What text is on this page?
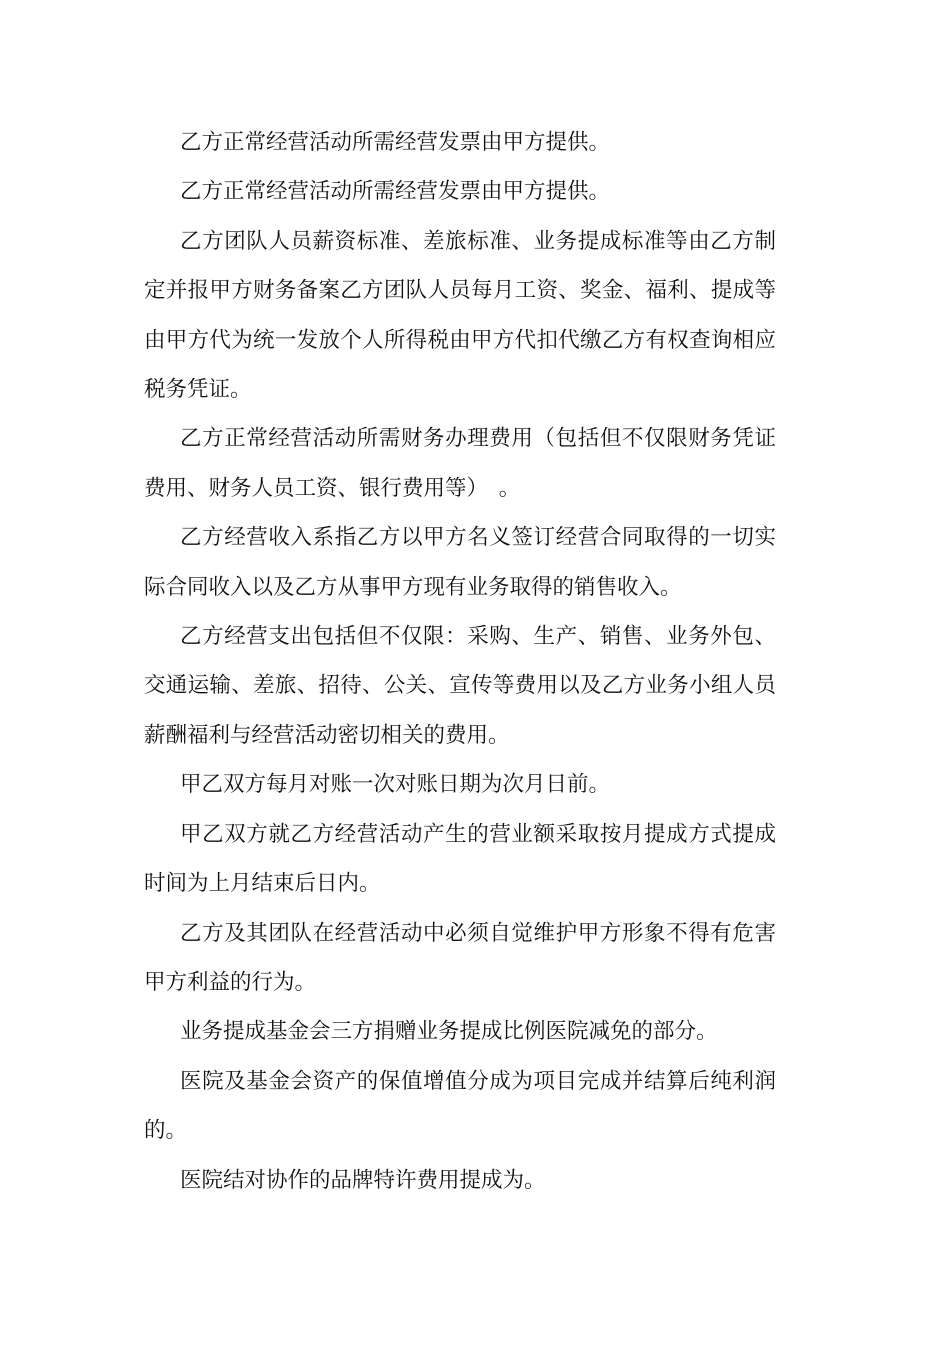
乙方正常经营活动所需经营发票由甲方提供。

乙方正常经营活动所需经营发票由甲方提供。

乙方团队人员薪资标准、差旅标准、业务提成标准等由乙方制定并报甲方财务备案乙方团队人员每月工资、奖金、福利、提成等由甲方代为统一发放个人所得税由甲方代扣代缴乙方有权查询相应税务凭证。

乙方正常经营活动所需财务办理费用（包括但不仅限财务凭证费用、财务人员工资、银行费用等）　。

乙方经营收入系指乙方以甲方名义签订经营合同取得的一切实际合同收入以及乙方从事甲方现有业务取得的销售收入。

乙方经营支出包括但不仅限：采购、生产、销售、业务外包、交通运输、差旅、招待、公关、宣传等费用以及乙方业务小组人员薪酬福利与经营活动密切相关的费用。

甲乙双方每月对账一次对账日期为次月日前。

甲乙双方就乙方经营活动产生的营业额采取按月提成方式提成时间为上月结束后日内。

乙方及其团队在经营活动中必须自觉维护甲方形象不得有危害甲方利益的行为。

业务提成基金会三方捐赠业务提成比例医院减免的部分。

医院及基金会资产的保值增值分成为项目完成并结算后纯利润的。

医院结对协作的品牌特许费用提成为。
